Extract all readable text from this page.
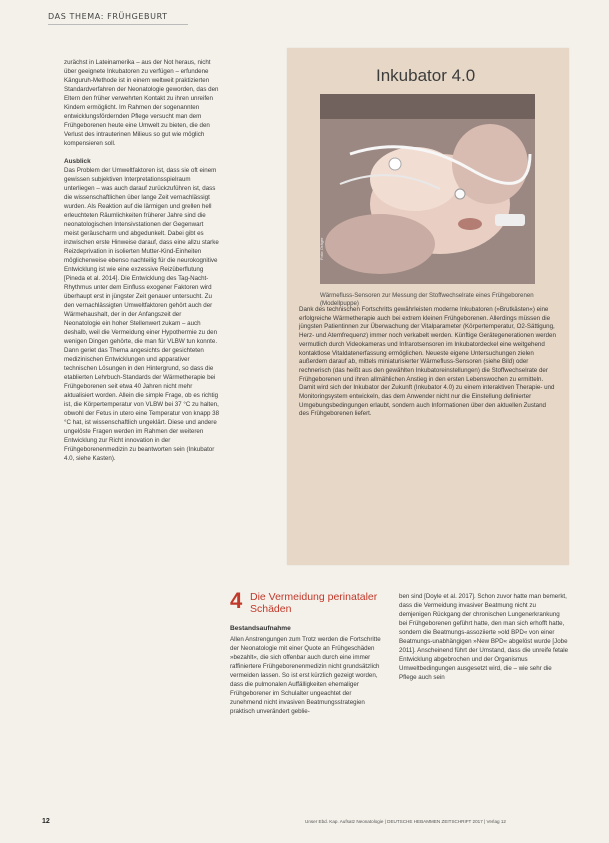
DAS THEMA: FRÜHGEBURT

zurächst in Lateinamerika – aus der Not heraus, nicht über geeignete Inkubatoren zu verfügen – erfundene Känguruh-Methode ist in einem weltweit praktizierten Standardverfahren der Neonatologie geworden, das den Eltern den früher verwehrten Kontakt zu ihren unreifen Kindern ermöglicht. Im Rahmen der sogenannten entwicklungsfördernden Pflege versucht man dem Frühgeborenen heute eine Umwelt zu bieten, die den Verlust des intrauterinen Milieus so gut wie möglich kompensieren soll.

Ausblick

Das Problem der Umweltfaktoren ist, dass sie oft einem gewissen subjektiven Interpretationsspielraum unterliegen – was auch darauf zurückzuführen ist, dass die wissenschaftlichen über lange Zeit vernachlässigt wurden. Als Reaktion auf die lärmigen und grellen hell erleuchteten Räumlichkeiten früherer Jahre sind die neonatologischen Intensivstationen der Gegenwart meist geräuscharm und abgedunkelt. Dabei gibt es inzwischen erste Hinweise darauf, dass eine allzu starke Reizdeprivation in isolierten Mutter-Kind-Einheiten möglicherweise ebenso nachteilig für die neurokognitive Entwicklung ist wie eine exzessive Reizüberflutung [Pineda et al. 2014]. Die Entwicklung des Tag-Nacht-Rhythmus unter dem Einfluss exogener Faktoren wird überhaupt erst in jüngster Zeit genauer untersucht. Zu den vernachlässigten Umweltfaktoren gehört auch der Wärmehaushalt, der in der Anfangszeit der Neonatologie ein hoher Stellenwert zukam – auch deshalb, weil die Vermeidung einer Hypothermie zu den wenigen Dingen gehörte, die man für VLBW tun konnte. Dann geriet das Thema angesichts der gesichteten medizinischen Entwicklungen und apparativer technischen Lösungen in den Hintergrund, so dass die etablierten Lehrbuch-Standards der Wärmetherapie bei Frühgeborenen seit etwa 40 Jahren nicht mehr aktualisiert worden. Allein die simple Frage, ob es richtig ist, die Körpertemperatur von VLBW bei 37 °C zu halten, obwohl der Fetus in utero eine Temperatur von knapp 38 °C hat, ist wissenschaftlich ungeklärt. Diese und andere ungelöste Fragen werden im Rahmen der weiteren Entwicklung zur Richt innovation in der Frühgeborenenmedizin zu beantworten sein (Inkubator 4.0, siehe Kasten).

Inkubator 4.0
Foto: Dräger
Wärmefluss-Sensoren zur Messung der Stoffwechselrate eines Frühgeborenen (Modellpuppe)

Dank des technischen Fortschritts gewährleisten moderne Inkubatoren (»Brutkästen«) eine erfolgreiche Wärmetherapie auch bei extrem kleinen Frühgeborenen. Allerdings müssen die jüngsten Patientinnen zur Überwachung der Vitalparameter (Körpertemperatur, O2-Sättigung, Herz- und Atemfrequenz) immer noch verkabelt werden. Künftige Gerätegenerationen werden vermutlich durch Videokameras und Infrarotsensoren im Inkubatordeckel eine weitgehend kontaktlose Vitaldatenerfassung ermöglichen. Neueste eigene Untersuchungen zielen außerdem darauf ab, mittels miniaturisierter Wärmefluss-Sensoren (siehe Bild) oder rechnerisch (das heißt aus den gewählten Inkubatoreinstellungen) die Stoffwechselrate der Frühgeborenen und ihren allmählichen Anstieg in den ersten Lebenswochen zu ermitteln. Damit wird sich der Inkubator der Zukunft (Inkubator 4.0) zu einem interaktiven Therapie- und Monitoringsystem entwickeln, das dem Anwender nicht nur die Einstellung definierter Umgebungsbedingungen erlaubt, sondern auch Informationen über den aktuellen Zustand des Frühgeborenen liefert.

4 Die Vermeidung perinataler Schäden
Bestandsaufnahme
Allen Anstrengungen zum Trotz werden die Fortschritte der Neonatologie mit einer Quote an Frühgeschäden »bezahlt«, die sich offenbar auch durch eine immer raffiniertere Frühgeborenenmedizin nicht grundsätzlich vermeiden lassen. So ist erst kürzlich gezeigt worden, dass die pulmonalen Auffälligkeiten ehemaliger Frühgeborener im Schulalter ungeachtet der zunehmend nicht invasiven Beatmungsstrategien praktisch unverändert geblie-
ben sind [Doyle et al. 2017]. Schon zuvor hatte man bemerkt, dass die Vermeidung invasiver Beatmung nicht zu demjenigen Rückgang der chronischen Lungenerkrankung bei Frühgeborenen geführt hatte, den man sich erhofft hatte, sondern die Beatmungs-assoziierte »old BPD« von einer Beatmungs-unabhängigen »New BPD« abgelöst wurde [Jobe 2011]. Anscheinend führt der Umstand, dass die unreife fetale Entwicklung abgebrochen und der Organismus Umweltbedingungen ausgesetzt wird, die – wie sehr die Pflege auch sein
12	Unser Ebd. Kap. Aufsatz Neonatologie | DEUTSCHE HEBAMMEN ZEITSCHRIFT 2017 | Verlag 12
